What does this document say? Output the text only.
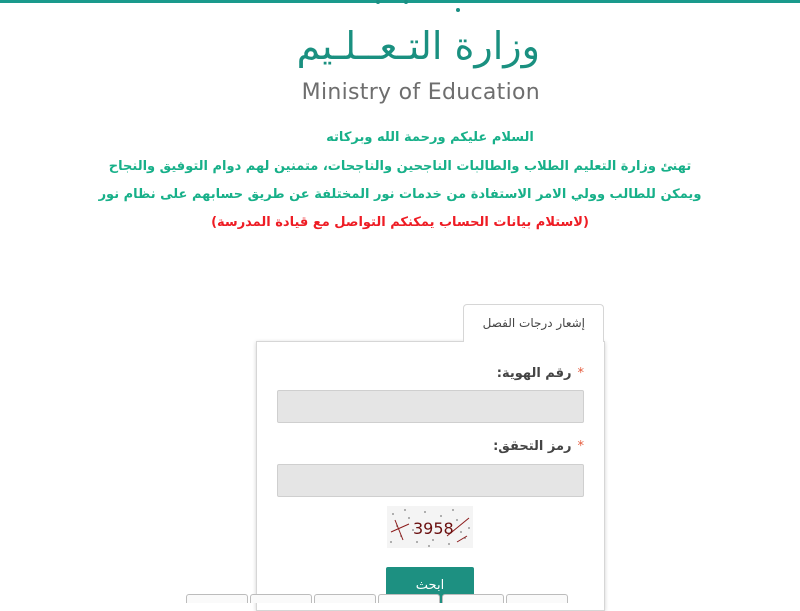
وزارة التـعــلـيم
Ministry of Education
السلام عليكم ورحمة الله وبركاته
تهنئ وزارة التعليم الطلاب والطالبات الناجحين والناجحات، متمنين لهم دوام التوفيق والنجاح
ويمكن للطالب وولي الامر الاستفادة من خدمات نور المختلفة عن طريق حسابهم على نظام نور
(لاستلام بيانات الحساب يمكنكم التواصل مع قيادة المدرسة)
إشعار درجات الفصل
*رقم الهوية:
*رمز التحقق:
3958
ابحث
